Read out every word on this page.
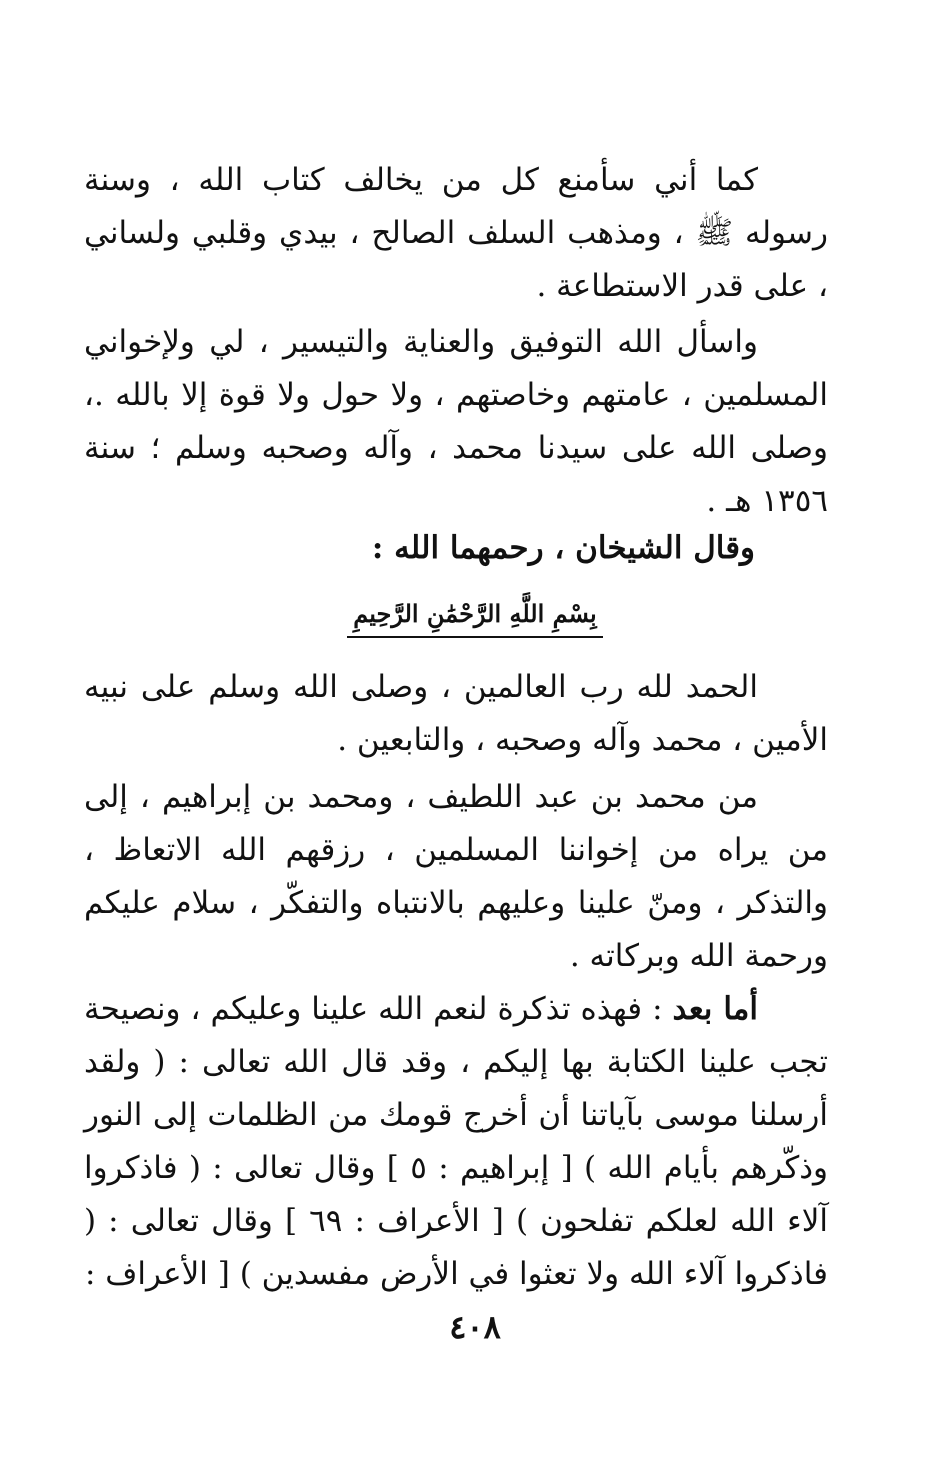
كما أني سأمنع كل من يخالف كتاب الله ، وسنة رسوله ﷺ ، ومذهب السلف الصالح ، بيدي وقلبي ولساني ، على قدر الاستطاعة .

واسأل الله التوفيق والعناية والتيسير ، لي ولإخواني المسلمين ، عامتهم وخاصتهم ، ولا حول ولا قوة إلا بالله .، وصلى الله على سيدنا محمد ، وآله وصحبه وسلم ؛ سنة ١٣٥٦ هـ .

وقال الشيخان ، رحمهما الله :
بِسْمِ اللَّهِ الرَّحْمَٰنِ الرَّحِيمِ

الحمد لله رب العالمين ، وصلى الله وسلم على نبيه الأمين ، محمد وآله وصحبه ، والتابعين .

من محمد بن عبد اللطيف ، ومحمد بن إبراهيم ، إلى من يراه من إخواننا المسلمين ، رزقهم الله الاتعاظ ، والتذكر ، ومنّ علينا وعليهم بالانتباه والتفكّر ، سلام عليكم ورحمة الله وبركاته .

أما بعد : فهذه تذكرة لنعم الله علينا وعليكم ، ونصيحة تجب علينا الكتابة بها إليكم ، وقد قال الله تعالى : ( ولقد أرسلنا موسى بآياتنا أن أخرج قومك من الظلمات إلى النور وذكّرهم بأيام الله ) [ إبراهيم : ٥ ] وقال تعالى : ( فاذكروا آلاء الله لعلكم تفلحون ) [ الأعراف : ٦٩ ] وقال تعالى : ( فاذكروا آلاء الله ولا تعثوا في الأرض مفسدين ) [ الأعراف :

٤٠٨
